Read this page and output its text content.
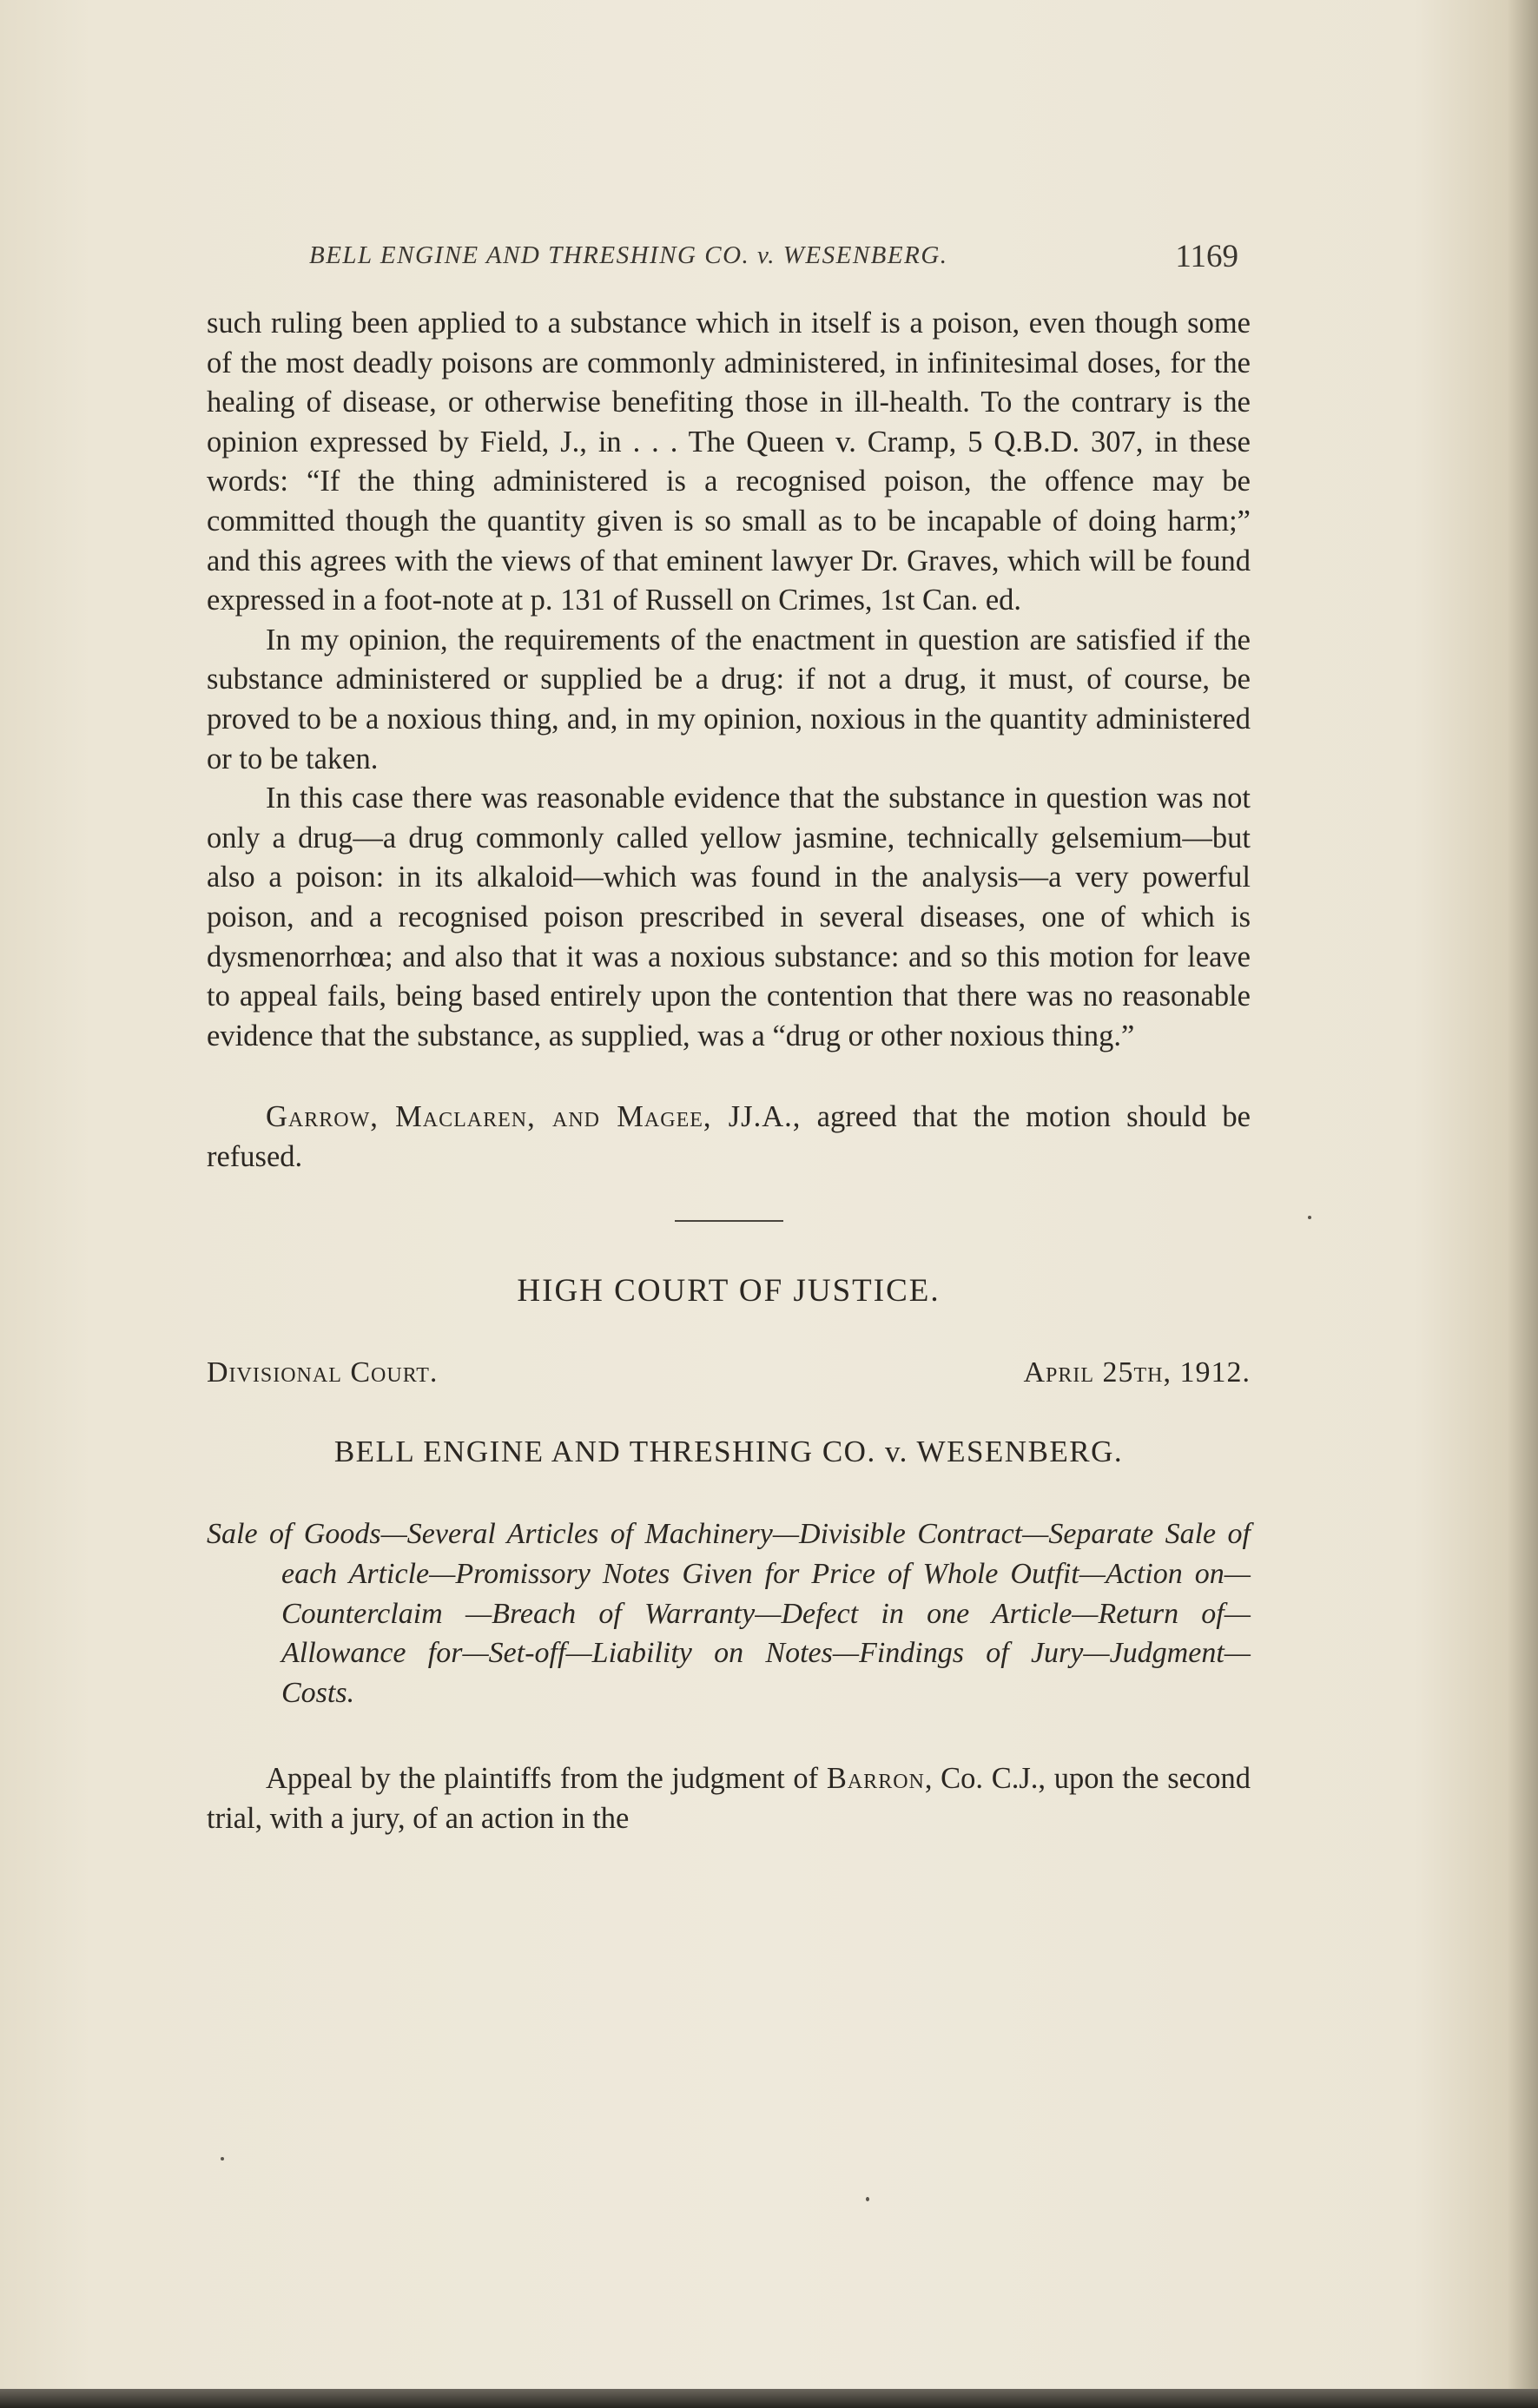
BELL ENGINE AND THRESHING CO. v. WESENBERG.	1169

such ruling been applied to a substance which in itself is a poison, even though some of the most deadly poisons are commonly administered, in infinitesimal doses, for the healing of disease, or otherwise benefiting those in ill-health. To the contrary is the opinion expressed by Field, J., in . . . The Queen v. Cramp, 5 Q.B.D. 307, in these words: “If the thing administered is a recognised poison, the offence may be committed though the quantity given is so small as to be incapable of doing harm;” and this agrees with the views of that eminent lawyer Dr. Graves, which will be found expressed in a foot-note at p. 131 of Russell on Crimes, 1st Can. ed.

In my opinion, the requirements of the enactment in question are satisfied if the substance administered or supplied be a drug: if not a drug, it must, of course, be proved to be a noxious thing, and, in my opinion, noxious in the quantity administered or to be taken.

In this case there was reasonable evidence that the substance in question was not only a drug—a drug commonly called yellow jasmine, technically gelsemium—but also a poison: in its alkaloid—which was found in the analysis—a very powerful poison, and a recognised poison prescribed in several diseases, one of which is dysmenorrhœa; and also that it was a noxious substance: and so this motion for leave to appeal fails, being based entirely upon the contention that there was no reasonable evidence that the substance, as supplied, was a “drug or other noxious thing.”

Garrow, Maclaren, and Magee, JJ.A., agreed that the motion should be refused.

HIGH COURT OF JUSTICE.
Divisional Court.	April 25th, 1912.
BELL ENGINE AND THRESHING CO. v. WESENBERG.

Sale of Goods—Several Articles of Machinery—Divisible Contract—Separate Sale of each Article—Promissory Notes Given for Price of Whole Outfit—Action on—Counterclaim —Breach of Warranty—Defect in one Article—Return of— Allowance for—Set-off—Liability on Notes—Findings of Jury—Judgment—Costs.

Appeal by the plaintiffs from the judgment of Barron, Co. C.J., upon the second trial, with a jury, of an action in the
